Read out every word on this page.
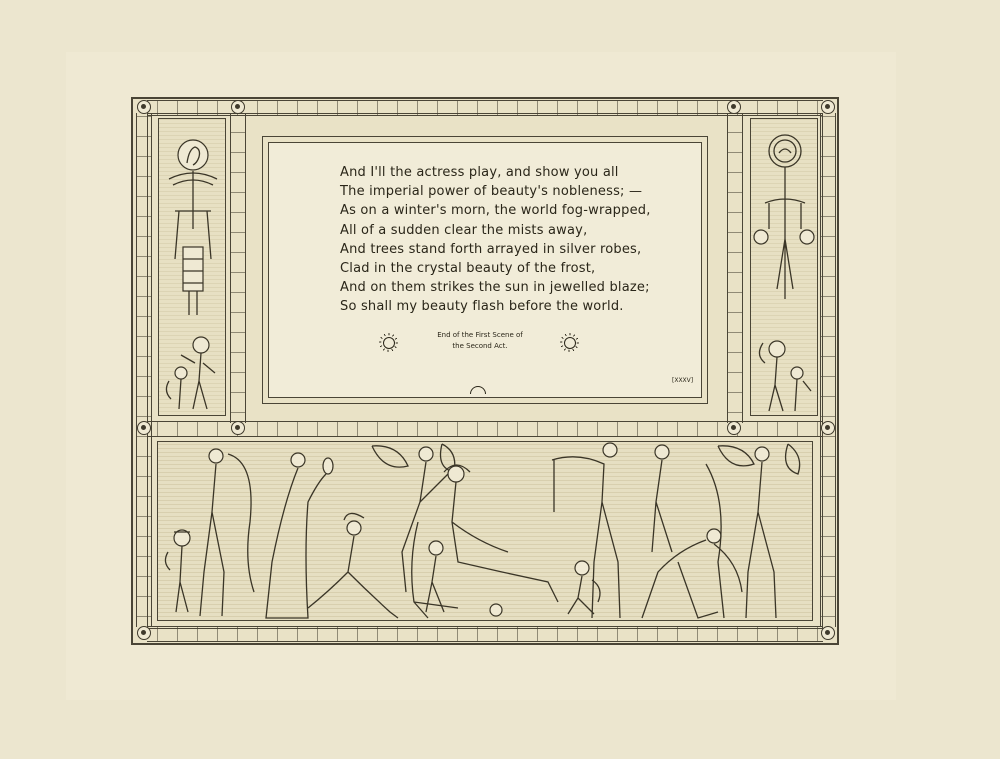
And I'll the actress play, and show you all
The imperial power of beauty's nobleness; —
As on a winter's morn, the world fog-wrapped,
All of a sudden clear the mists away,
And trees stand forth arrayed in silver robes,
Clad in the crystal beauty of the frost,
And on them strikes the sun in jewelled blaze;
So shall my beauty flash before the world.
End of the First Scene of
the Second Act.
[XXXV]
